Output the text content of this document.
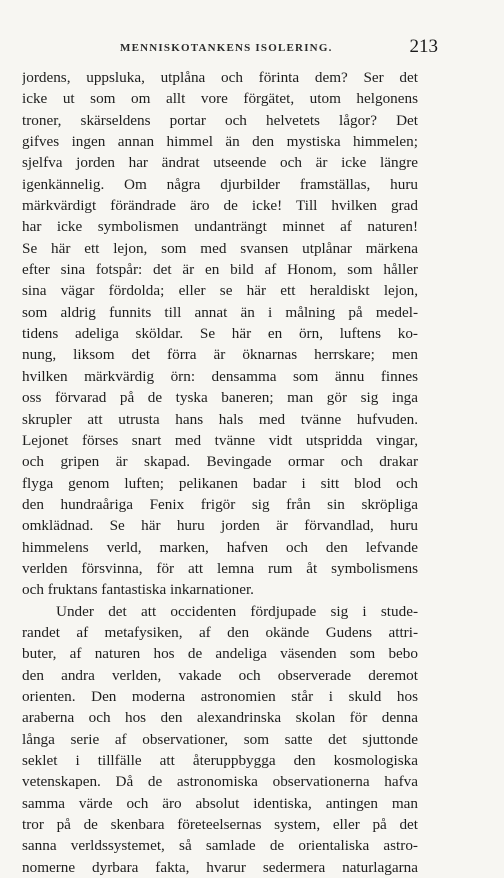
MENNISKOTANKENS ISOLERING.	213
jordens, uppsluka, utplåna och förinta dem? Ser det
icke ut som om allt vore förgätet, utom helgonens
troner, skärseldens portar och helvetets lågor? Det
gifves ingen annan himmel än den mystiska himmelen;
sjelfva jorden har ändrat utseende och är icke längre
igenkännelig. Om några djurbilder framställas, huru
märkvärdigt förändrade äro de icke! Till hvilken grad
har icke symbolismen undanträngt minnet af naturen!
Se här ett lejon, som med svansen utplånar märkena
efter sina fotspår: det är en bild af Honom, som håller
sina vägar fördolda; eller se här ett heraldiskt lejon,
som aldrig funnits till annat än i målning på medel-
tidens adeliga sköldar. Se här en örn, luftens ko-
nung, liksom det förra är öknarnas herrskare; men
hvilken märkvärdig örn: densamma som ännu finnes
oss förvarad på de tyska baneren; man gör sig inga
skrupler att utrusta hans hals med tvänne hufvuden.
Lejonet förses snart med tvänne vidt utspridda vingar,
och gripen är skapad. Bevingade ormar och drakar
flyga genom luften; pelikanen badar i sitt blod och
den hundraåriga Fenix frigör sig från sin skröpliga
omklädnad. Se här huru jorden är förvandlad, huru
himmelens verld, marken, hafven och den lefvande
verlden försvinna, för att lemna rum åt symbolismens
och fruktans fantastiska inkarnationer.
Under det att occidenten fördjupade sig i stude-
randet af metafysiken, af den okände Gudens attri-
buter, af naturen hos de andeliga väsenden som bebo
den andra verlden, vakade och observerade deremot
orienten. Den moderna astronomien står i skuld hos
araberna och hos den alexandrinska skolan för denna
långa serie af observationer, som satte det sjuttonde
seklet i tillfälle att återuppbygga den kosmologiska
vetenskapen. Då de astronomiska observationerna hafva
samma värde och äro absolut identiska, antingen man
tror på de skenbara företeelsernas system, eller på det
sanna verldssystemet, så samlade de orientaliska astro-
nomerne dyrbara fakta, hvarur sedermera naturlagarna
